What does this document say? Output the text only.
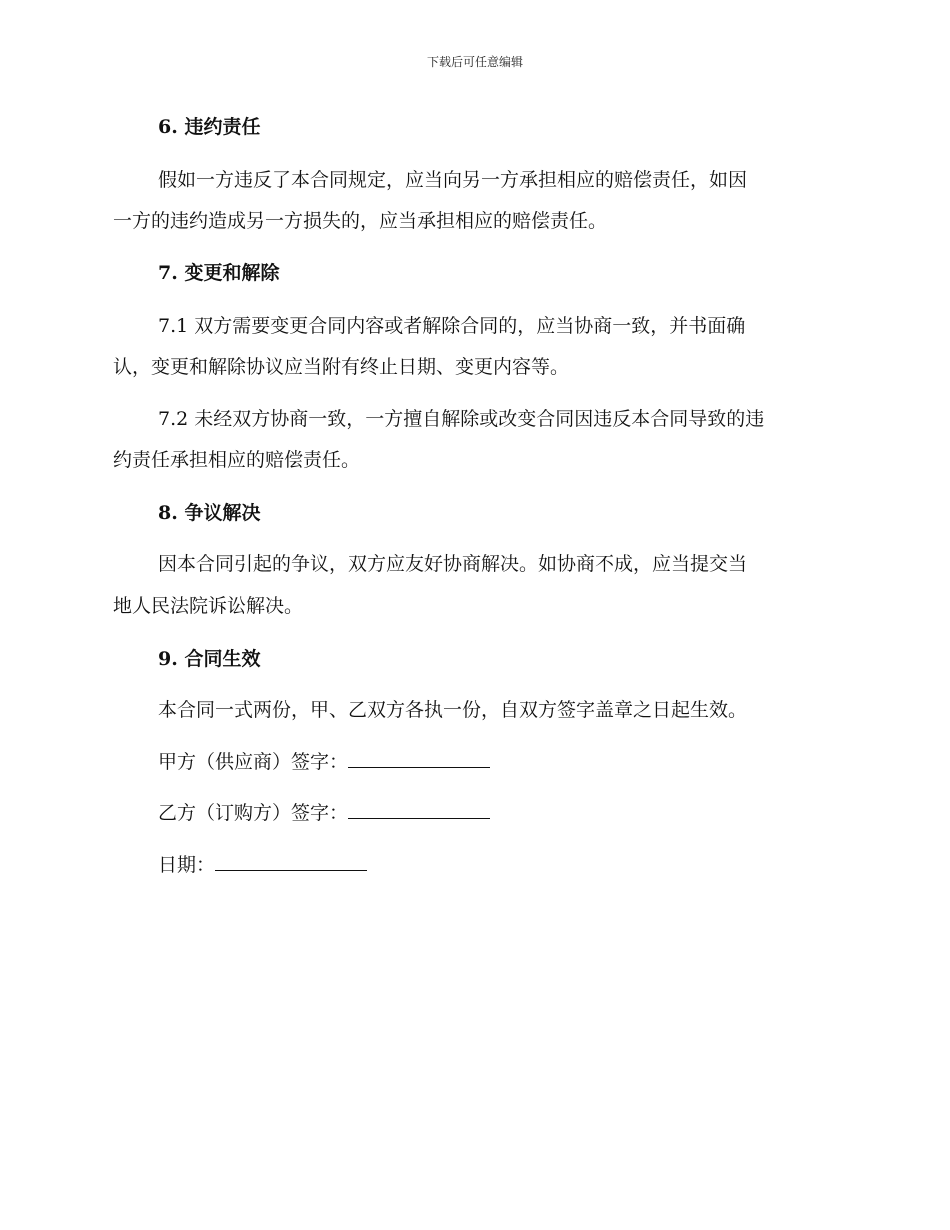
下载后可任意编辑
6. 违约责任
假如一方违反了本合同规定，应当向另一方承担相应的赔偿责任，如因
一方的违约造成另一方损失的，应当承担相应的赔偿责任。
7. 变更和解除
7.1 双方需要变更合同内容或者解除合同的，应当协商一致，并书面确
认，变更和解除协议应当附有终止日期、变更内容等。
7.2 未经双方协商一致，一方擅自解除或改变合同因违反本合同导致的违
约责任承担相应的赔偿责任。
8. 争议解决
因本合同引起的争议，双方应友好协商解决。如协商不成，应当提交当
地人民法院诉讼解决。
9. 合同生效
本合同一式两份，甲、乙双方各执一份，自双方签字盖章之日起生效。
甲方（供应商）签字：
乙方（订购方）签字：
日期：
